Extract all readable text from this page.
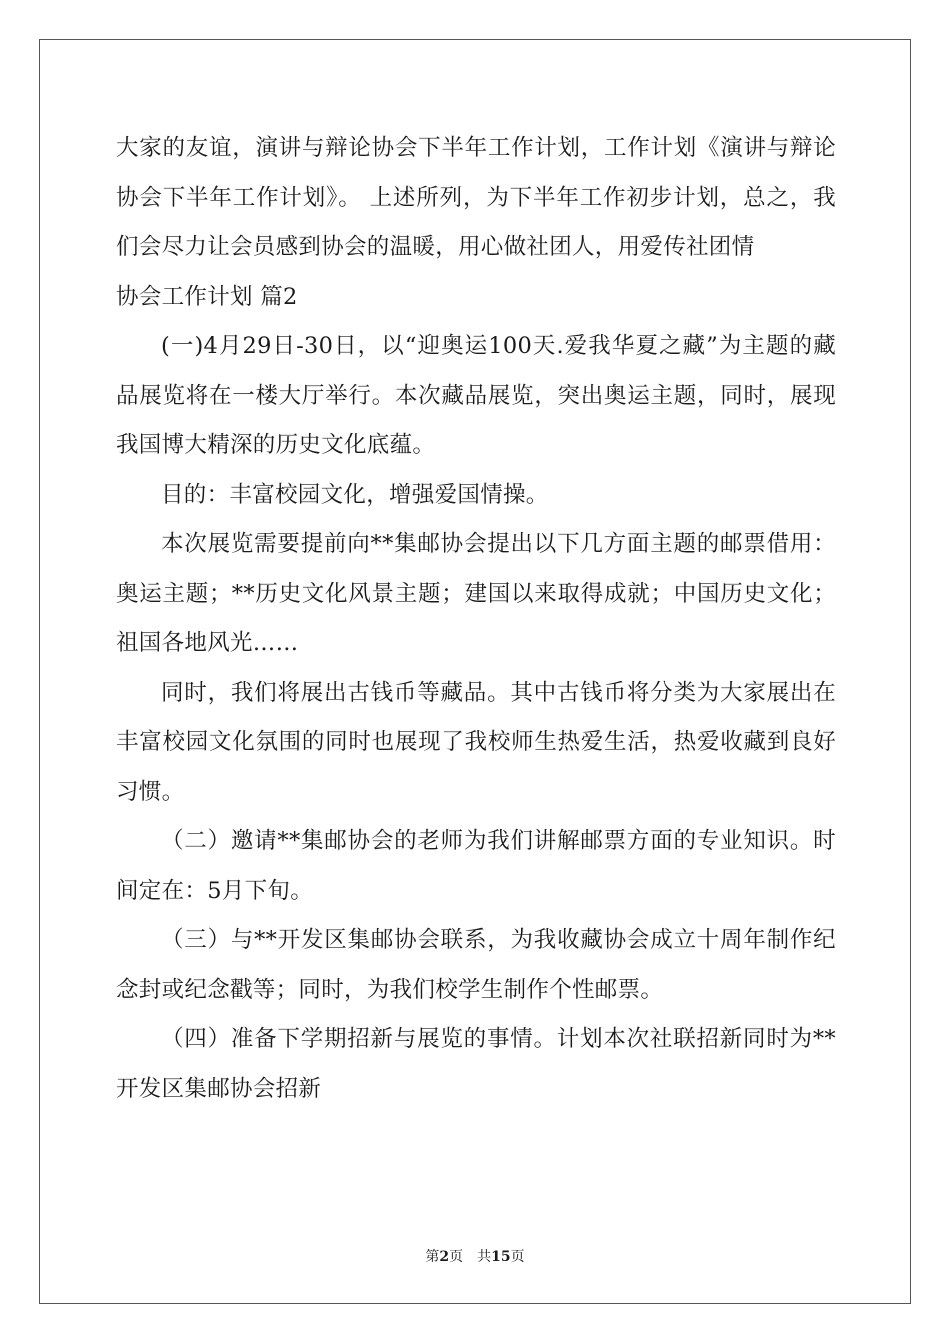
大家的友谊，演讲与辩论协会下半年工作计划，工作计划《演讲与辩论协会下半年工作计划》。 上述所列，为下半年工作初步计划，总之，我们会尽力让会员感到协会的温暖，用心做社团人，用爱传社团情

协会工作计划 篇2

(一)4月29日-30日，以“迎奥运100天.爱我华夏之藏”为主题的藏品展览将在一楼大厅举行。本次藏品展览，突出奥运主题，同时，展现我国博大精深的历史文化底蕴。

目的：丰富校园文化，增强爱国情操。

本次展览需要提前向**集邮协会提出以下几方面主题的邮票借用：奥运主题；**历史文化风景主题；建国以来取得成就；中国历史文化；祖国各地风光……

同时，我们将展出古钱币等藏品。其中古钱币将分类为大家展出在丰富校园文化氛围的同时也展现了我校师生热爱生活，热爱收藏到良好习惯。

（二）邀请**集邮协会的老师为我们讲解邮票方面的专业知识。时间定在：5月下旬。

（三）与**开发区集邮协会联系，为我收藏协会成立十周年制作纪念封或纪念戳等；同时，为我们校学生制作个性邮票。

（四）准备下学期招新与展览的事情。计划本次社联招新同时为**开发区集邮协会招新

第2页 共15页
